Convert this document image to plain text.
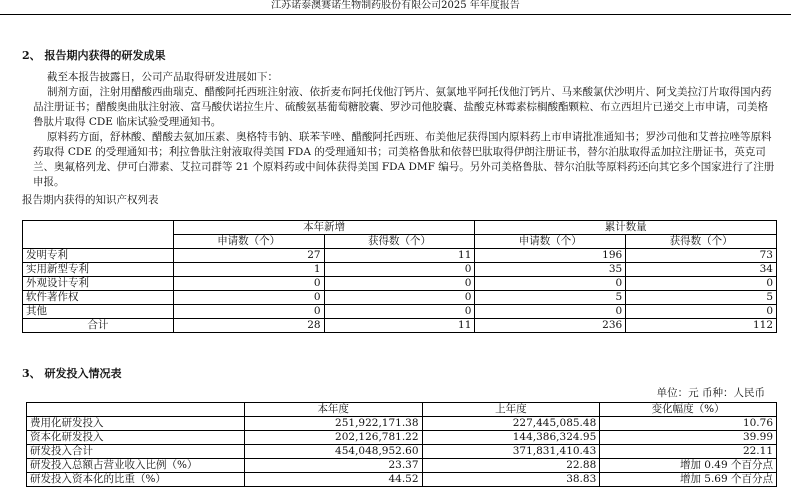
江苏诺泰澳赛诺生物制药股份有限公司2025 年年度报告
2、 报告期内获得的研发成果

截至本报告披露日，公司产品取得研发进展如下：

制剂方面，注射用醋酸西曲瑞克、醋酸阿托西班注射液、依折麦布阿托伐他汀钙片、氨氯地平阿托伐他汀钙片、马来酸氯伏沙明片、阿戈美拉汀片取得国内药品注册证书；醋酸奥曲肽注射液、富马酸伏诺拉生片、硫酸氨基葡萄糖胶囊、罗沙司他胶囊、盐酸克林霉素棕榈酸酯颗粒、布立西坦片已递交上市申请，司美格鲁肽片取得 CDE 临床试验受理通知书。

原料药方面，舒林酸、醋酸去氨加压素、奥格特韦钠、联苯苄唑、醋酸阿托西班、布美他尼获得国内原料药上市申请批准通知书；罗沙司他和艾普拉唑等原料药取得 CDE 的受理通知书；利拉鲁肽注射液取得美国 FDA 的受理通知书；司美格鲁肽和依替巴肽取得伊朗注册证书，替尔泊肽取得孟加拉注册证书，英克司兰、奥氟格列龙、伊可白滞素、艾拉司群等 21 个原料药或中间体获得美国 FDA DMF 编号。另外司美格鲁肽、替尔泊肽等原料药还向其它多个国家进行了注册申报。

报告期内获得的知识产权列表
	本年新增		累计数量	
	申请数（个）	获得数（个）	申请数（个）	获得数（个）
发明专利	27	11	196	73
实用新型专利	1	0	35	34
外观设计专利	0	0	0	0
软件著作权	0	0	5	5
其他	0	0	0	0
合计	28	11	236	112
3、 研发投入情况表
单位：元 币种：人民币
	本年度	上年度	变化幅度（%）
费用化研发投入	251,922,171.38	227,445,085.48	10.76
资本化研发投入	202,126,781.22	144,386,324.95	39.99
研发投入合计	454,048,952.60	371,831,410.43	22.11
研发投入总额占营业收入比例（%）	23.37	22.88	增加 0.49 个百分点
研发投入资本化的比重（%）	44.52	38.83	增加 5.69 个百分点
